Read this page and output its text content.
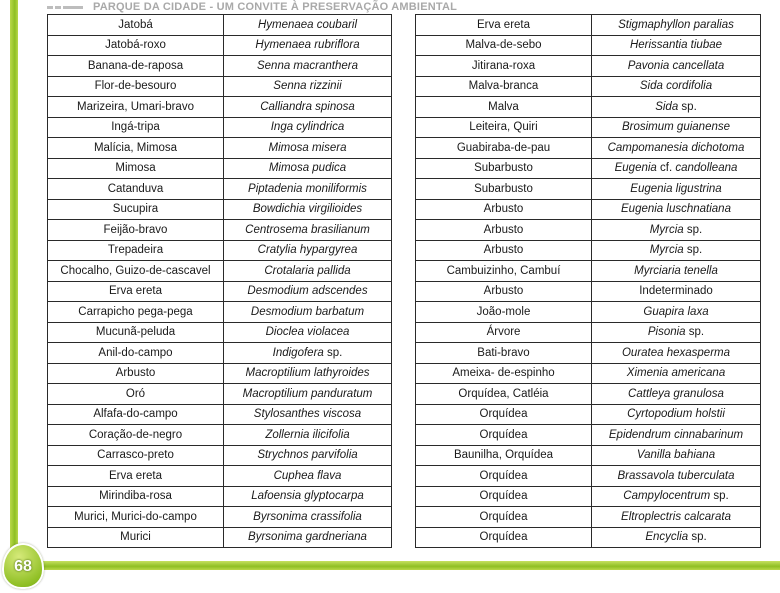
68
PARQUE DA CIDADE - UM CONVITE À PRESERVAÇÃO AMBIENTAL
Jatobá	Hymenaea coubaril
Jatobá-roxo	Hymenaea rubriflora
Banana-de-raposa	Senna macranthera
Flor-de-besouro	Senna rizzinii
Marizeira, Umari-bravo	Calliandra spinosa
Ingá-tripa	Inga cylindrica
Malícia, Mimosa	Mimosa misera
Mimosa	Mimosa pudica
Catanduva	Piptadenia moniliformis
Sucupira	Bowdichia virgilioides
Feijão-bravo	Centrosema brasilianum
Trepadeira	Cratylia hypargyrea
Chocalho, Guizo-de-cascavel	Crotalaria pallida
Erva ereta	Desmodium adscendes
Carrapicho pega-pega	Desmodium barbatum
Mucunã-peluda	Dioclea violacea
Anil-do-campo	Indigofera sp.
Arbusto	Macroptilium lathyroides
Oró	Macroptilium panduratum
Alfafa-do-campo	Stylosanthes viscosa
Coração-de-negro	Zollernia ilicifolia
Carrasco-preto	Strychnos parvifolia
Erva ereta	Cuphea flava
Mirindiba-rosa	Lafoensia glyptocarpa
Murici, Murici-do-campo	Byrsonima crassifolia
Murici	Byrsonima gardneriana
Erva ereta	Stigmaphyllon paralias
Malva-de-sebo	Herissantia tiubae
Jitirana-roxa	Pavonia cancellata
Malva-branca	Sida cordifolia
Malva	Sida sp.
Leiteira, Quiri	Brosimum guianense
Guabiraba-de-pau	Campomanesia dichotoma
Subarbusto	Eugenia cf. candolleana
Subarbusto	Eugenia ligustrina
Arbusto	Eugenia luschnatiana
Arbusto	Myrcia sp.
Arbusto	Myrcia sp.
Cambuizinho, Cambuí	Myrciaria tenella
Arbusto	Indeterminado
João-mole	Guapira laxa
Árvore	Pisonia sp.
Bati-bravo	Ouratea hexasperma
Ameixa- de-espinho	Ximenia americana
Orquídea, Catléia	Cattleya granulosa
Orquídea	Cyrtopodium holstii
Orquídea	Epidendrum cinnabarinum
Baunilha, Orquídea	Vanilla bahiana
Orquídea	Brassavola tuberculata
Orquídea	Campylocentrum sp.
Orquídea	Eltroplectris calcarata
Orquídea	Encyclia sp.
